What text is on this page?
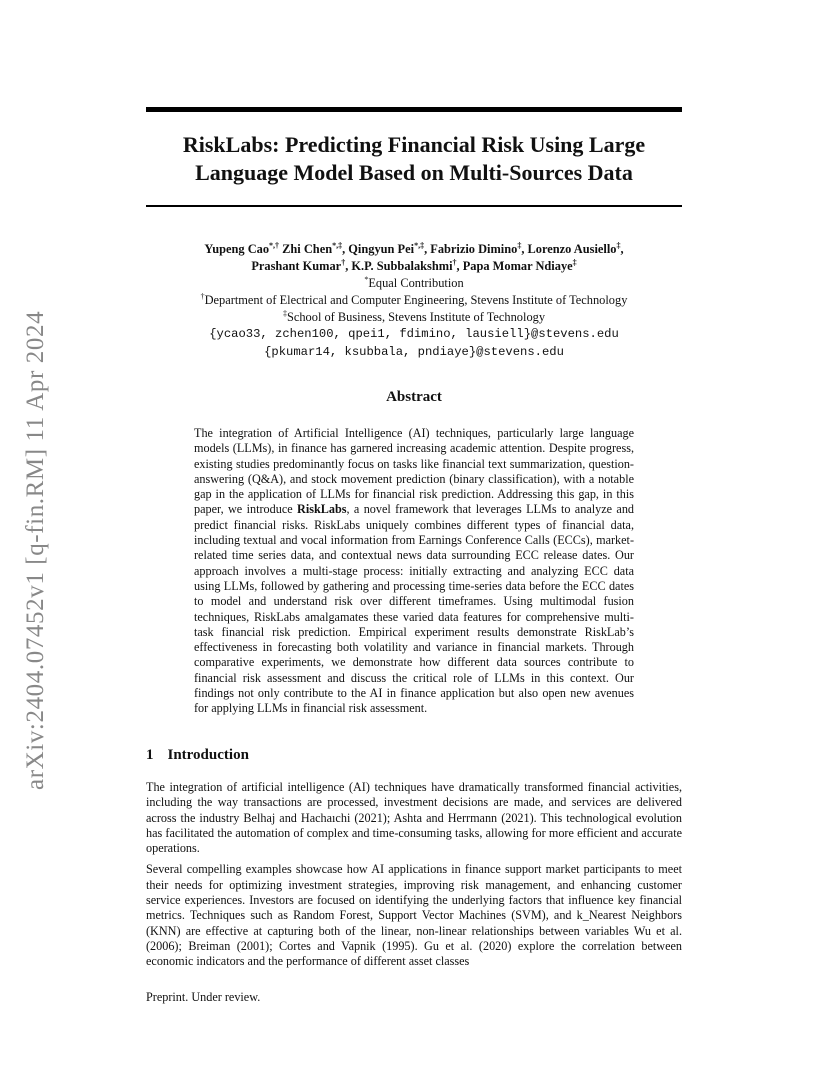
arXiv:2404.07452v1 [q-fin.RM] 11 Apr 2024
RiskLabs: Predicting Financial Risk Using Large
Language Model Based on Multi-Sources Data
Yupeng Cao*,† Zhi Chen*,‡, Qingyun Pei*,‡, Fabrizio Dimino‡, Lorenzo Ausiello‡,
Prashant Kumar†, K.P. Subbalakshmi†, Papa Momar Ndiaye‡
*Equal Contribution
†Department of Electrical and Computer Engineering, Stevens Institute of Technology
‡School of Business, Stevens Institute of Technology
{ycao33, zchen100, qpei1, fdimino, lausiell}@stevens.edu
{pkumar14, ksubbala, pndiaye}@stevens.edu
Abstract
The integration of Artificial Intelligence (AI) techniques, particularly large language models (LLMs), in finance has garnered increasing academic attention. Despite progress, existing studies predominantly focus on tasks like financial text summarization, question-answering (Q&A), and stock movement prediction (binary classification), with a notable gap in the application of LLMs for financial risk prediction. Addressing this gap, in this paper, we introduce RiskLabs, a novel framework that leverages LLMs to analyze and predict financial risks. RiskLabs uniquely combines different types of financial data, including textual and vocal information from Earnings Conference Calls (ECCs), market-related time series data, and contextual news data surrounding ECC release dates. Our approach involves a multi-stage process: initially extracting and analyzing ECC data using LLMs, followed by gathering and processing time-series data before the ECC dates to model and understand risk over different timeframes. Using multimodal fusion techniques, RiskLabs amalgamates these varied data features for comprehensive multi-task financial risk prediction. Empirical experiment results demonstrate RiskLab’s effectiveness in forecasting both volatility and variance in financial markets. Through comparative experiments, we demonstrate how different data sources contribute to financial risk assessment and discuss the critical role of LLMs in this context. Our findings not only contribute to the AI in finance application but also open new avenues for applying LLMs in financial risk assessment.
1 Introduction

The integration of artificial intelligence (AI) techniques have dramatically transformed financial activities, including the way transactions are processed, investment decisions are made, and services are delivered across the industry Belhaj and Hachaıchi (2021); Ashta and Herrmann (2021). This technological evolution has facilitated the automation of complex and time-consuming tasks, allowing for more efficient and accurate operations.

Several compelling examples showcase how AI applications in finance support market participants to meet their needs for optimizing investment strategies, improving risk management, and enhancing customer service experiences. Investors are focused on identifying the underlying factors that influence key financial metrics. Techniques such as Random Forest, Support Vector Machines (SVM), and k_Nearest Neighbors (KNN) are effective at capturing both of the linear, non-linear relationships between variables Wu et al. (2006); Breiman (2001); Cortes and Vapnik (1995). Gu et al. (2020) explore the correlation between economic indicators and the performance of different asset classes

Preprint. Under review.
